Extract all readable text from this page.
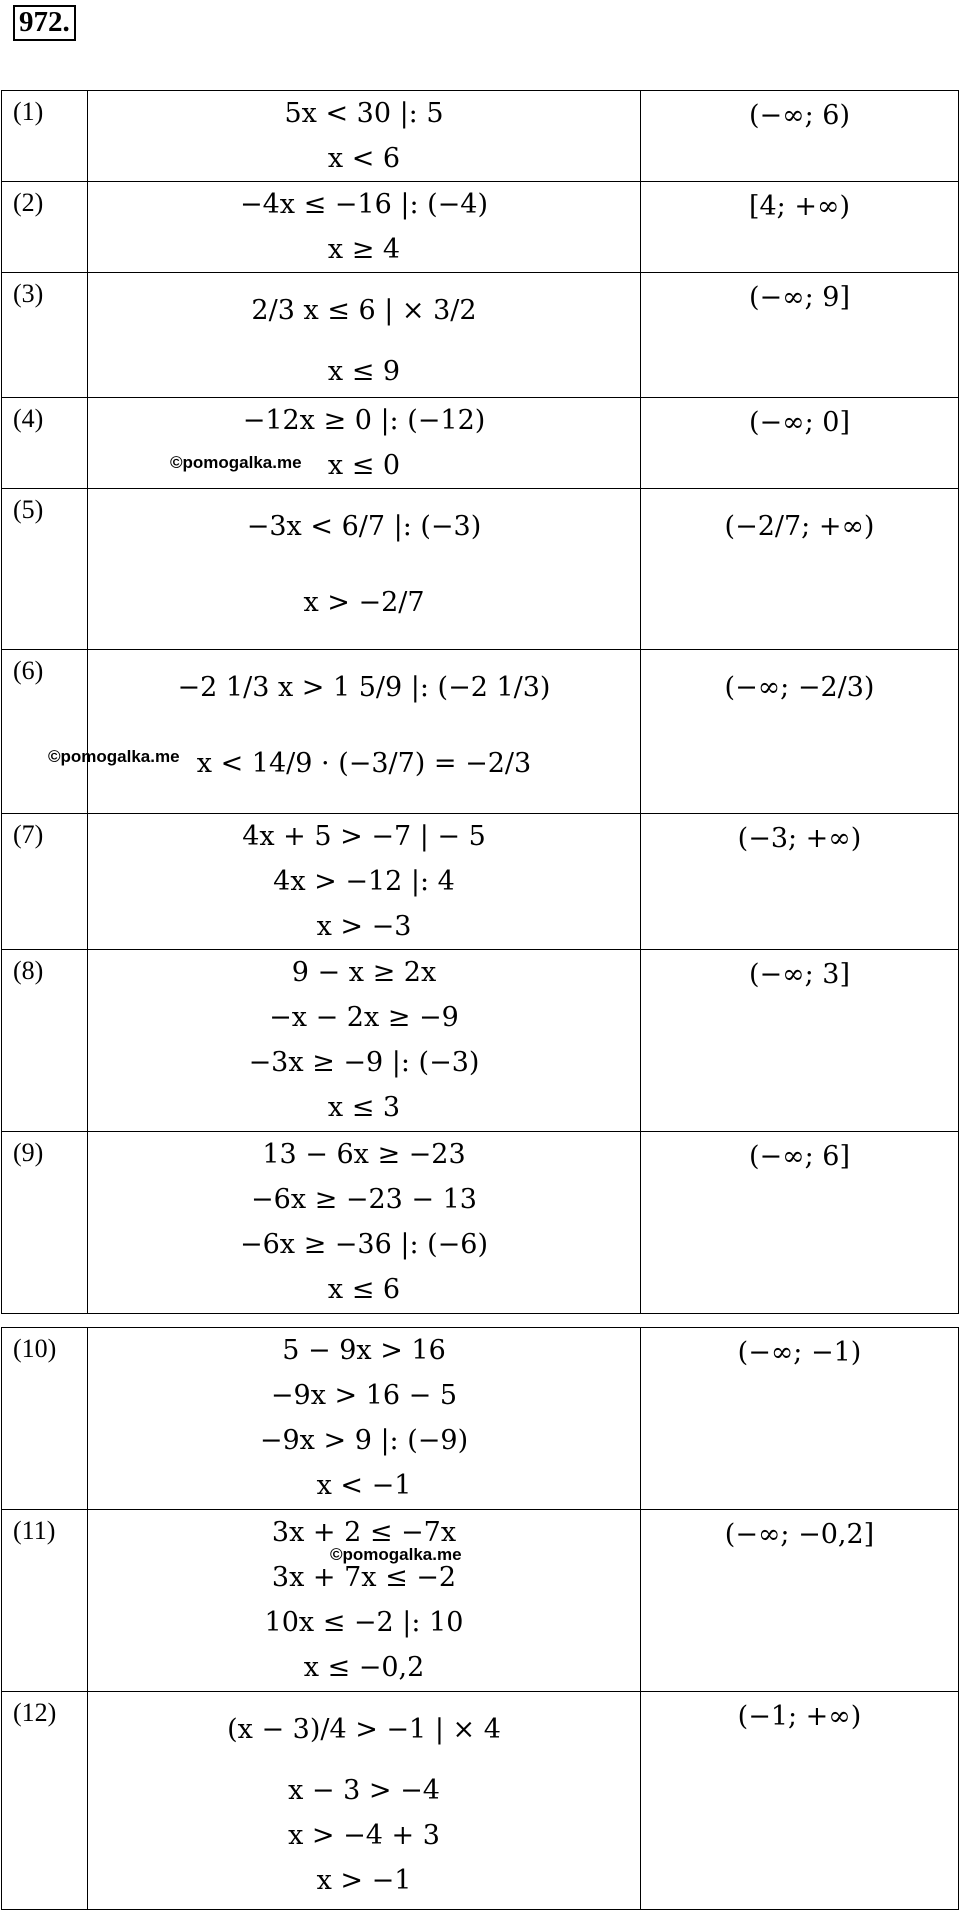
972.
(1)	5x < 30 |: 5
x < 6	(−∞; 6)

(2)	−4x ≤ −16 |: (−4)
x ≥ 4	[4; +∞)

(3)	2/3 x ≤ 6 | × 3/2
x ≤ 9	(−∞; 9]

(4)	−12x ≥ 0 |: (−12)
x ≤ 0	(−∞; 0]

(5)	−3x < 6/7 |: (−3)
x > −2/7	(−2/7; +∞)

(6)	−2 1/3 x > 1 5/9 |: (−2 1/3)
x < 14/9 · (−3/7) = −2/3	(−∞; −2/3)

(7)	4x + 5 > −7 | − 5
4x > −12 |: 4
x > −3	(−3; +∞)

(8)	9 − x ≥ 2x
−x − 2x ≥ −9
−3x ≥ −9 |: (−3)
x ≤ 3	(−∞; 3]

(9)	13 − 6x ≥ −23
−6x ≥ −23 − 13
−6x ≥ −36 |: (−6)
x ≤ 6	(−∞; 6]
(10)	5 − 9x > 16
−9x > 16 − 5
−9x > 9 |: (−9)
x < −1	(−∞; −1)

(11)	3x + 2 ≤ −7x
3x + 7x ≤ −2
10x ≤ −2 |: 10
x ≤ −0,2	(−∞; −0,2]

(12)	(x − 3)/4 > −1 | × 4
x − 3 > −4
x > −4 + 3
x > −1	(−1; +∞)
©pomogalka.me
©pomogalka.me
©pomogalka.me
